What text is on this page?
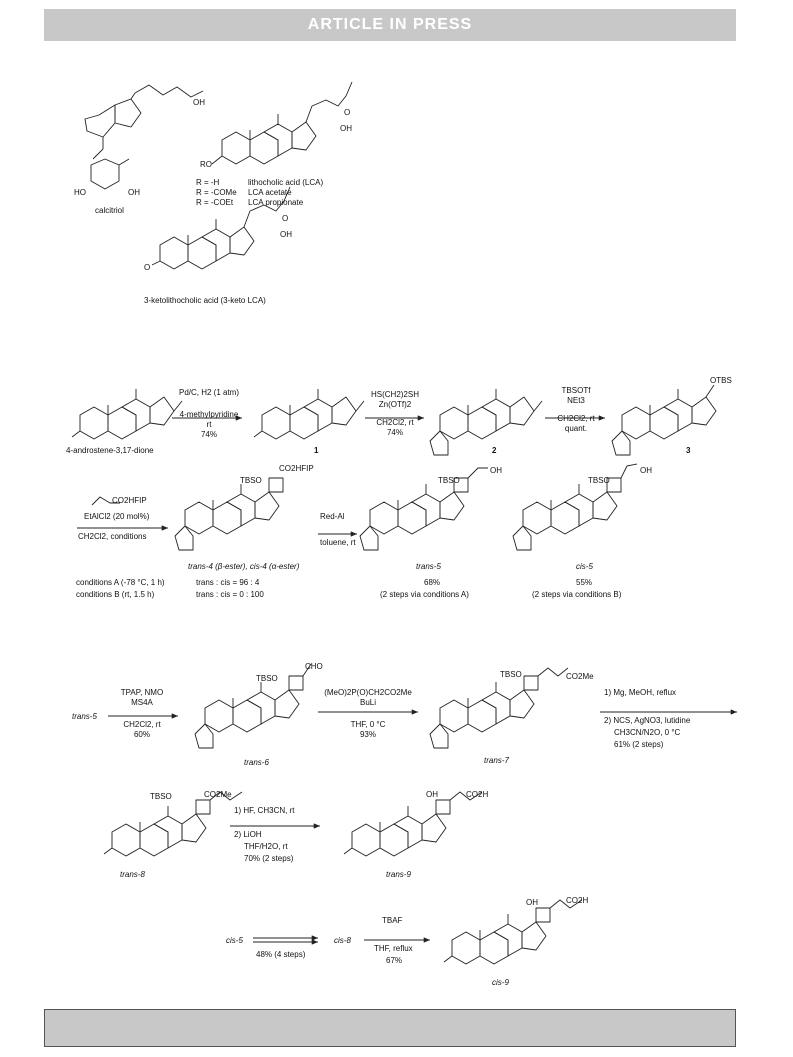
ARTICLE IN PRESS
OH
HO	OH
calcitriol
O
OH
RO
R = -H	lithocholic acid (LCA)
R = -COMe LCA acetate
R = -COEt LCA propionate
O
OH
O
3-ketolithocholic acid (3-keto LCA)
4-androstene-3,17-dione
Pd/C, H2 (1 atm)
4-methylpyridine
rt
74%
1
HS(CH2)2SH
Zn(OTf)2
CH2Cl2, rt
74%
2
TBSOTf
NEt3
CH2Cl2, rt
quant.
OTBS
3
CO2HFIP
EtAlCl2 (20 mol%)
CH2Cl2, conditions
TBSO
CO2HFIP
trans-4 (β-ester), cis-4 (α-ester)
conditions A (-78 °C, 1 h)
conditions B (rt, 1.5 h)
trans : cis = 96 : 4
trans : cis = 0 : 100
Red-Al
toluene, rt
TBSO
OH
trans-5
68%
(2 steps via conditions A)
TBSO
OH
cis-5
55%
(2 steps via conditions B)
trans-5
TPAP, NMO
MS4A
CH2Cl2, rt
60%
TBSO
CHO
trans-6
(MeO)2P(O)CH2CO2Me
BuLi
THF, 0 °C
93%
TBSO	CO2Me
trans-7
1) Mg, MeOH, reflux
2) NCS, AgNO3, lutidine
CH3CN/N2O, 0 °C
61% (2 steps)
TBSO	CO2Me
trans-8
1) HF, CH3CN, rt
2) LiOH
THF/H2O, rt
70% (2 steps)
OH	CO2H
trans-9
cis-5
48% (4 steps)
cis-8
TBAF
THF, reflux
67%
OH	CO2H
cis-9
